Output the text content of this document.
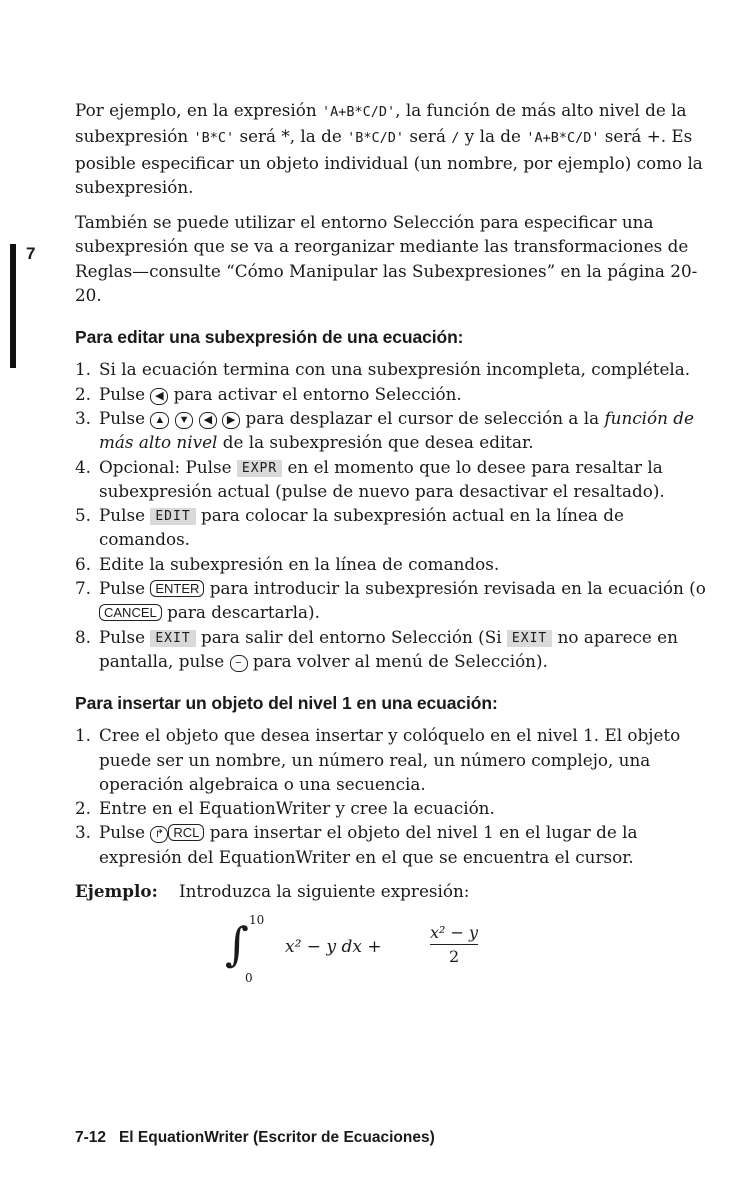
7

Por ejemplo, en la expresión 'A+B*C/D', la función de más alto nivel de la subexpresión 'B*C' será *, la de 'B*C/D' será / y la de 'A+B*C/D' será +. Es posible especificar un objeto individual (un nombre, por ejemplo) como la subexpresión.

También se puede utilizar el entorno Selección para especificar una subexpresión que se va a reorganizar mediante las transformaciones de Reglas—consulte “Cómo Manipular las Subexpresiones” en la página 20-20.

Para editar una subexpresión de una ecuación:
1. Si la ecuación termina con una subexpresión incompleta, complétela.
2. Pulse ◀ para activar el entorno Selección.
3. Pulse ▲ ▼ ◀ ▶ para desplazar el cursor de selección a la función de más alto nivel de la subexpresión que desea editar.
4. Opcional: Pulse EXPR en el momento que lo desee para resaltar la subexpresión actual (pulse de nuevo para desactivar el resaltado).
5. Pulse EDIT para colocar la subexpresión actual en la línea de comandos.
6. Edite la subexpresión en la línea de comandos.
7. Pulse ENTER para introducir la subexpresión revisada en la ecuación (o CANCEL para descartarla).
8. Pulse EXIT para salir del entorno Selección (Si EXIT no aparece en pantalla, pulse − para volver al menú de Selección).
Para insertar un objeto del nivel 1 en una ecuación:
1. Cree el objeto que desea insertar y colóquelo en el nivel 1. El objeto puede ser un nombre, un número real, un número complejo, una operación algebraica o una secuencia.
2. Entre en el EquationWriter y cree la ecuación.
3. Pulse ↱ RCL para insertar el objeto del nivel 1 en el lugar de la expresión del EquationWriter en el que se encuentra el cursor.
Ejemplo:	Introduzca la siguiente expresión:
∫ 10
0
x² − y dx +
x² − y
2
7-12   El EquationWriter (Escritor de Ecuaciones)
